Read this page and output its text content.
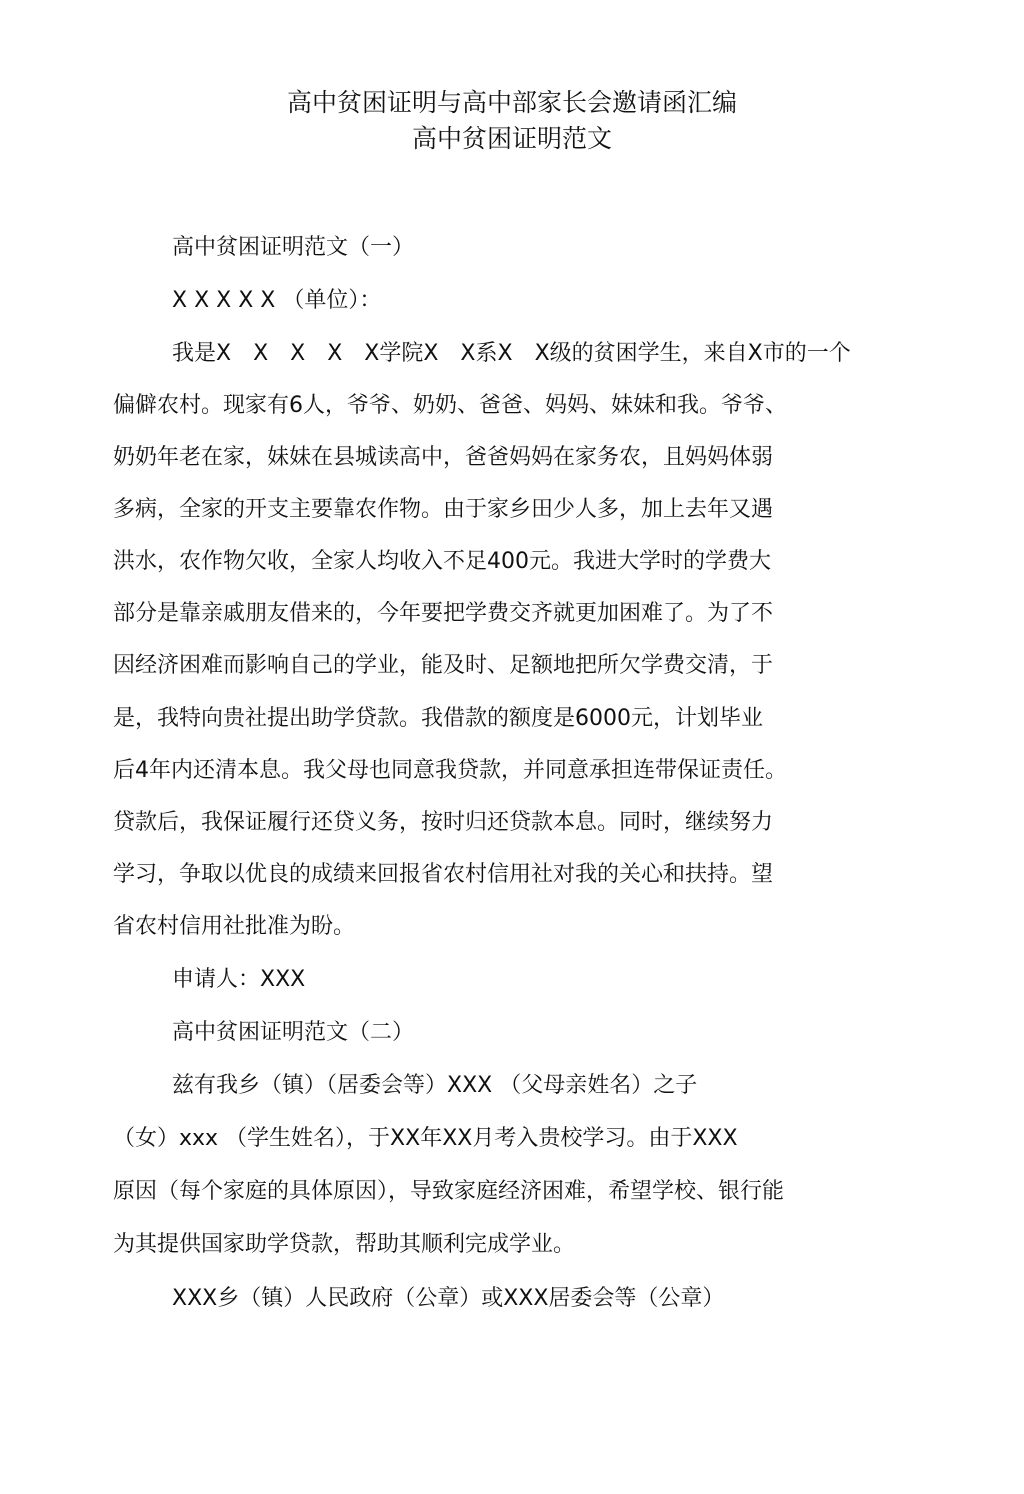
高中贫困证明与高中部家长会邀请函汇编
高中贫困证明范文
高中贫困证明范文（一）
X X X X X （单位）：
我是X　X　X　X　X学院X　X系X　X级的贫困学生，来自X市的一个
偏僻农村。现家有6人，爷爷、奶奶、爸爸、妈妈、妹妹和我。爷爷、
奶奶年老在家，妹妹在县城读高中，爸爸妈妈在家务农，且妈妈体弱
多病，全家的开支主要靠农作物。由于家乡田少人多，加上去年又遇
洪水，农作物欠收，全家人均收入不足400元。我进大学时的学费大
部分是靠亲戚朋友借来的，今年要把学费交齐就更加困难了。为了不
因经济困难而影响自己的学业，能及时、足额地把所欠学费交清，于
是，我特向贵社提出助学贷款。我借款的额度是6000元，计划毕业
后4年内还清本息。我父母也同意我贷款，并同意承担连带保证责任。
贷款后，我保证履行还贷义务，按时归还贷款本息。同时，继续努力
学习，争取以优良的成绩来回报省农村信用社对我的关心和扶持。望
省农村信用社批准为盼。
申请人：XXX
高中贫困证明范文（二）
兹有我乡（镇）（居委会等）XXX （父母亲姓名）之子
（女）xxx （学生姓名），于XX年XX月考入贵校学习。由于XXX
原因（每个家庭的具体原因），导致家庭经济困难，希望学校、银行能
为其提供国家助学贷款，帮助其顺利完成学业。
XXX乡（镇）人民政府（公章）或XXX居委会等（公章）
